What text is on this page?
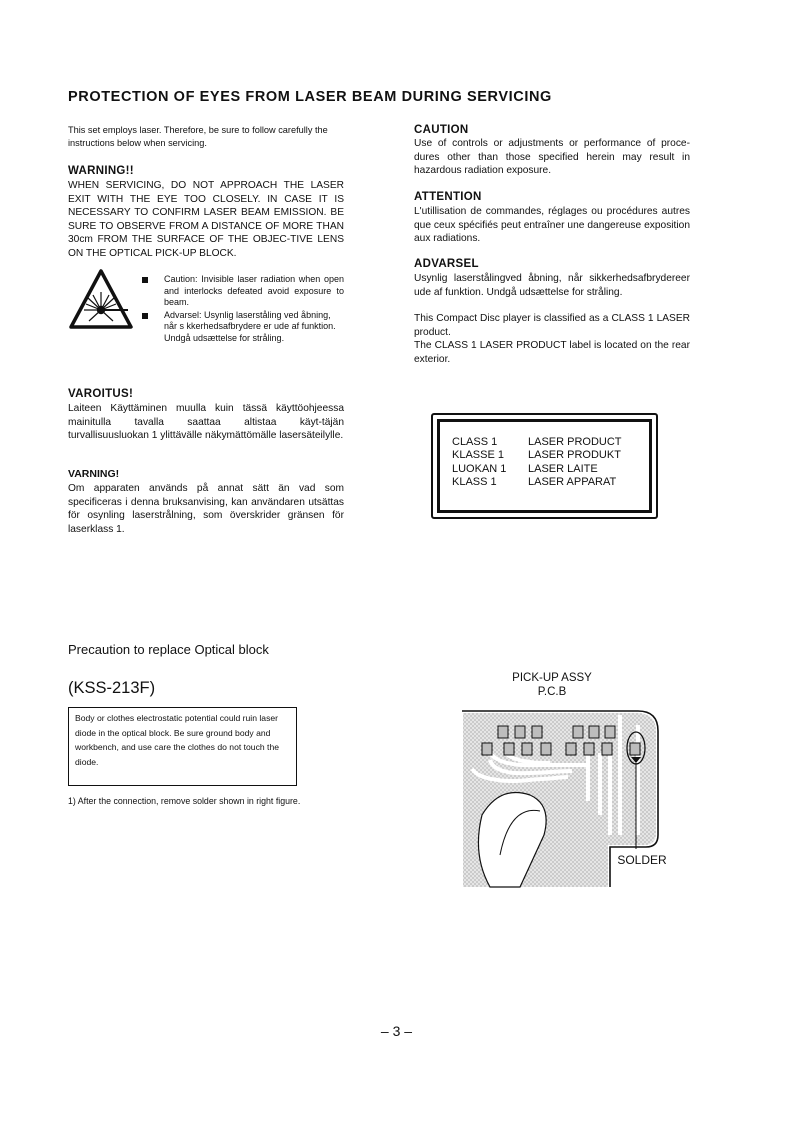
PROTECTION OF EYES FROM LASER BEAM DURING SERVICING
This set employs laser. Therefore, be sure to follow carefully the instructions below when servicing.
WARNING!!
WHEN SERVICING, DO NOT APPROACH THE LASER EXIT WITH THE EYE TOO CLOSELY. IN CASE IT IS NECESSARY TO CONFIRM LASER BEAM EMISSION. BE SURE TO OBSERVE FROM A DISTANCE OF MORE THAN 30cm FROM THE SURFACE OF THE OBJEC-TIVE LENS ON THE OPTICAL PICK-UP BLOCK.
Caution: Invisible laser radiation when open and interlocks defeated avoid exposure to beam.
Advarsel: Usynlig laserståling ved åbning, når s kkerhedsafbrydere er ude af funktion. Undgå udsættelse for stråling.
VAROITUS!
Laiteen Käyttäminen muulla kuin tässä käyttöohjeessa mainitulla tavalla saattaa altistaa käyt-täjän turvallisuusluokan 1 ylittävälle näkymättömälle lasersäteilylle.
VARNING!
Om apparaten används på annat sätt än vad som specificeras i denna bruksanvising, kan användaren utsättas för osynling laserstrålning, som överskrider gränsen för laserklass 1.
CAUTION
Use of controls or adjustments or performance of proce-dures other than those specified herein may result in hazardous radiation exposure.
ATTENTION
L'utillisation de commandes, réglages ou procédures autres que ceux spécifiés peut entraîner une dangereuse exposition aux radiations.
ADVARSEL
Usynlig laserstålingved åbning, når sikkerhedsafbrydereer ude af funktion. Undgå udsættelse for stråling.
This Compact Disc player is classified as a CLASS 1 LASER product.
The CLASS 1 LASER PRODUCT label is located on the rear exterior.
CLASS 1	LASER PRODUCT
KLASSE 1	LASER PRODUKT
LUOKAN 1	LASER LAITE
KLASS 1	LASER APPARAT
Precaution to replace Optical block
(KSS-213F)
Body or clothes electrostatic potential could ruin laser diode in the optical block. Be sure ground body and workbench, and use care the clothes do not touch the diode.
1) After the connection, remove solder shown in right figure.
PICK-UP ASSY
P.C.B
SOLDER
– 3 –
